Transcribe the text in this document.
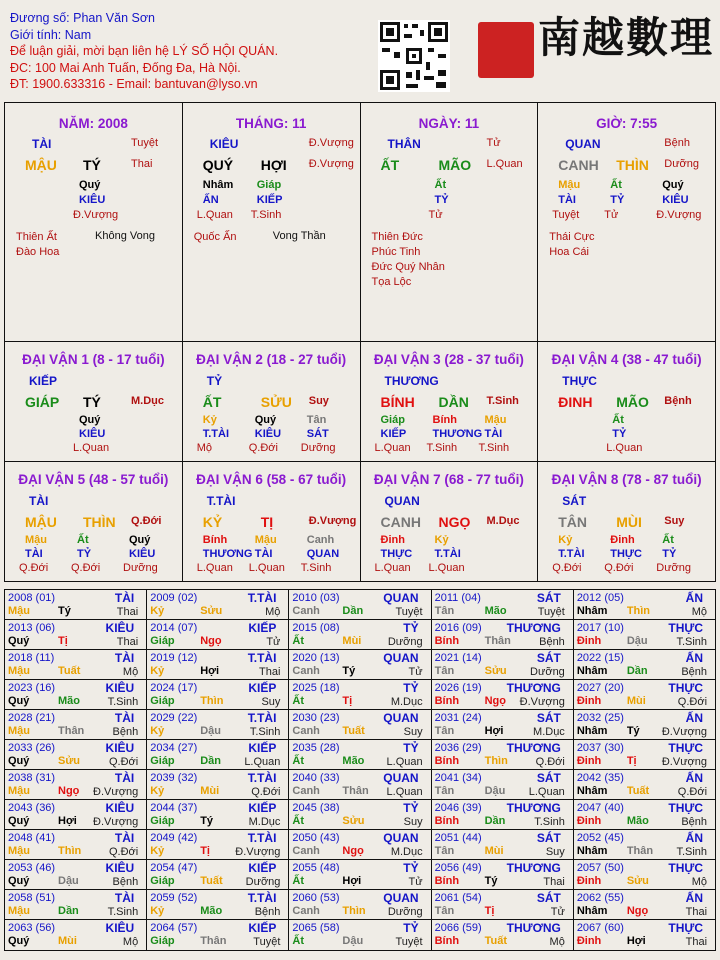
Đương số: Phan Văn Sơn
Giới tính: Nam
Để luận giải, mời bạn liên hệ LÝ SỐ HỘI QUÁN.
ĐC: 100 Mai Anh Tuấn, Đống Đa, Hà Nội.
ĐT: 1900.633316 - Email: bantuvan@lyso.vn
南越數理
NĂM: 2008
TÀI	Tuyệt
MẬU TÝ	Thai
Quý
KIÊU
Đ.Vượng
Thiên Ất
Đào Hoa
Không Vong
THÁNG: 11
KIÊU	Đ.Vượng
QUÝ HỢI Đ.Vượng
Nhâm
ẤN
L.Quan
Giáp
KIẾP
T.Sinh
Quốc Ấn	Vong Thần
NGÀY: 11
THÂN	Tử
ẤT	MÃO L.Quan
Ất
TỶ
Tử
Thiên Đức
Phúc Tinh
Đức Quý Nhân
Tọa Lộc
GIỜ: 7:55
QUAN	Bệnh
CANH THÌN Dưỡng
Mậu
TÀI
Tuyệt
Ất
TỶ
Tử
Quý
KIÊU
Đ.Vượng
Thái Cực
Hoa Cái
ĐẠI VẬN 1 (8 - 17 tuổi)
KIẾP
GIÁP TÝ	M.Dục
Quý
KIÊU
L.Quan
ĐẠI VẬN 2 (18 - 27 tuổi)
TỶ
ẤT	SỬU Suy
Kỷ
T.TÀI
Mộ
Quý
KIÊU
Q.Đới
Tân
SÁT
Dưỡng
ĐẠI VẬN 3 (28 - 37 tuổi)
THƯƠNG
BÍNH DẦN T.Sinh
Giáp
KIẾP
L.Quan
Bính
THƯƠNG
T.Sinh
Mậu
TÀI
T.Sinh
ĐẠI VẬN 4 (38 - 47 tuổi)
THỰC
ĐINH MÃO Bệnh
Ất
TỶ
L.Quan
ĐẠI VẬN 5 (48 - 57 tuổi)
TÀI
MẬU THÌN Q.Đới
Mậu
TÀI
Q.Đới
Ất
TỶ
Q.Đới
Quý
KIÊU
Dưỡng
ĐẠI VẬN 6 (58 - 67 tuổi)
T.TÀI
KỶ	TỊ	Đ.Vượng
Bính
THƯƠNG
L.Quan
Mậu
TÀI
L.Quan
Canh
QUAN
T.Sinh
ĐẠI VẬN 7 (68 - 77 tuổi)
QUAN
CANH NGỌ M.Dục
Đinh
THỰC
L.Quan
Kỷ
T.TÀI
L.Quan
ĐẠI VẬN 8 (78 - 87 tuổi)
SÁT
TÂN MÙI Suy
Kỷ
T.TÀI
Q.Đới
Đinh
THỰC
Q.Đới
Ất
TỶ
Dưỡng
2008 (01)	TÀI
Mậu	Tý	Thai
2009 (02)	T.TÀI
Kỷ	Sửu	Mộ
2010 (03)	QUAN
Canh Dần	Tuyệt
2011 (04)	SÁT
Tân	Mão	Tuyệt
2012 (05)	ẤN
Nhâm Thìn	Mộ
2013 (06)	KIÊU
Quý	Tị	Thai
2014 (07)	KIẾP
Giáp Ngọ	Tử
2015 (08)	TỶ
Ất	Mùi Dưỡng
2016 (09) THƯƠNG
Bính Thân	Bệnh
2017 (10)	THỰC
Đinh Dậu	T.Sinh
2018 (11)	TÀI
Mậu	Tuất	Mộ
2019 (12)	T.TÀI
Kỷ	Hợi	Thai
2020 (13)	QUAN
Canh Tý	Tử
2021 (14)	SÁT
Tân	Sửu Dưỡng
2022 (15)	ẤN
Nhâm Dần	Bệnh
2023 (16)	KIÊU
Quý	Mão	T.Sinh
2024 (17)	KIẾP
Giáp Thìn	Suy
2025 (18)	TỶ
Ất	Tị	M.Dục
2026 (19) THƯƠNG
Bính Ngọ Đ.Vượng
2027 (20)	THỰC
Đinh Mùi	Q.Đới
2028 (21)	TÀI
Mậu	Thân	Bệnh
2029 (22)	T.TÀI
Kỷ	Dậu	T.Sinh
2030 (23)	QUAN
Canh Tuất	Suy
2031 (24)	SÁT
Tân	Hợi	M.Dục
2032 (25)	ẤN
Nhâm Tý Đ.Vượng
2033 (26)	KIÊU
Quý	Sửu	Q.Đới
2034 (27)	KIẾP
Giáp Dần L.Quan
2035 (28)	TỶ
Ất	Mão L.Quan
2036 (29) THƯƠNG
Bính Thìn	Q.Đới
2037 (30)	THỰC
Đinh Tị Đ.Vượng
2038 (31)	TÀI
Mậu	Ngọ Đ.Vượng
2039 (32)	T.TÀI
Kỷ	Mùi	Q.Đới
2040 (33)	QUAN
Canh Thân L.Quan
2041 (34)	SÁT
Tân	Dậu L.Quan
2042 (35)	ẤN
Nhâm Tuất	Q.Đới
2043 (36)	KIÊU
Quý	Hợi Đ.Vượng
2044 (37)	KIẾP
Giáp Tý	M.Dục
2045 (38)	TỶ
Ất	Sửu	Suy
2046 (39) THƯƠNG
Bính Dần	T.Sinh
2047 (40)	THỰC
Đinh Mão	Bệnh
2048 (41)	TÀI
Mậu	Thìn	Q.Đới
2049 (42)	T.TÀI
Kỷ	Tị Đ.Vượng
2050 (43)	QUAN
Canh Ngọ M.Dục
2051 (44)	SÁT
Tân	Mùi	Suy
2052 (45)	ẤN
Nhâm Thân T.Sinh
2053 (46)	KIÊU
Quý	Dậu	Bệnh
2054 (47)	KIẾP
Giáp Tuất Dưỡng
2055 (48)	TỶ
Ất	Hợi	Tử
2056 (49) THƯƠNG
Bính Tý	Thai
2057 (50)	THỰC
Đinh Sửu	Mộ
2058 (51)	TÀI
Mậu	Dần	T.Sinh
2059 (52)	T.TÀI
Kỷ	Mão	Bệnh
2060 (53)	QUAN
Canh Thìn Dưỡng
2061 (54)	SÁT
Tân	Tị	Tử
2062 (55)	ẤN
Nhâm Ngọ	Thai
2063 (56)	KIÊU
Quý	Mùi	Mộ
2064 (57)	KIẾP
Giáp Thân Tuyệt
2065 (58)	TỶ
Ất	Dậu	Tuyệt
2066 (59) THƯƠNG
Bính Tuất	Mộ
2067 (60)	THỰC
Đinh Hợi	Thai
